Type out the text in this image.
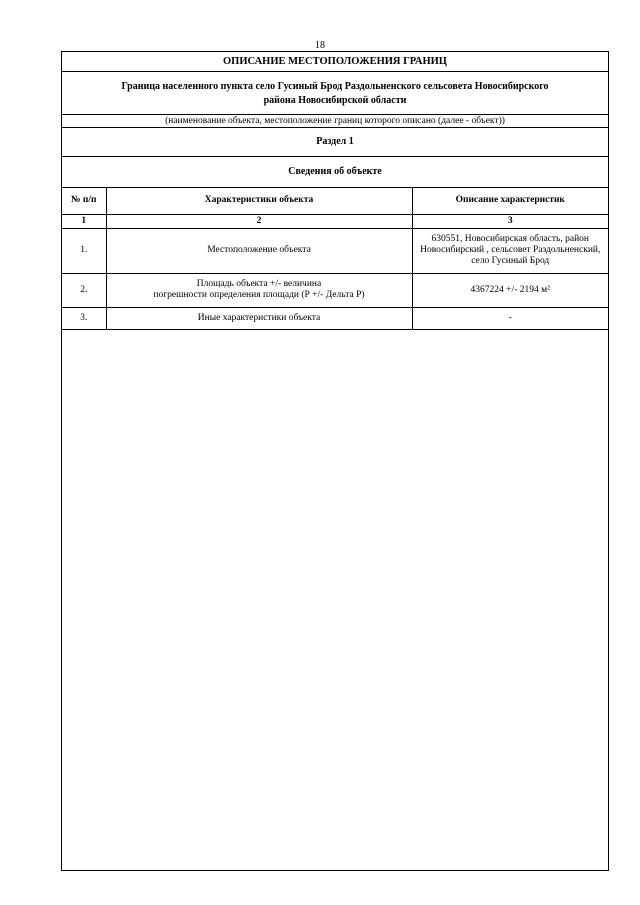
18
ОПИСАНИЕ МЕСТОПОЛОЖЕНИЯ ГРАНИЦ
Граница населенного пункта село Гусиный Брод Раздольненского сельсовета Новосибирского
района Новосибирской области
(наименование объекта, местоположение границ которого описано (далее - объект))
Раздел 1
Сведения об объекте
№ п/п	Характеристики объекта	Описание характеристик
1	2	3
1.	Местоположение объекта	630551, Новосибирская область, район
Новосибирский , сельсовет Раздольненский,
село Гусиный Брод

2.	Площадь объекта +/- величина
погрешности определения площади (Р +/- Дельта Р)	4367224 +/- 2194 м²

3.	Иные характеристики объекта	-
